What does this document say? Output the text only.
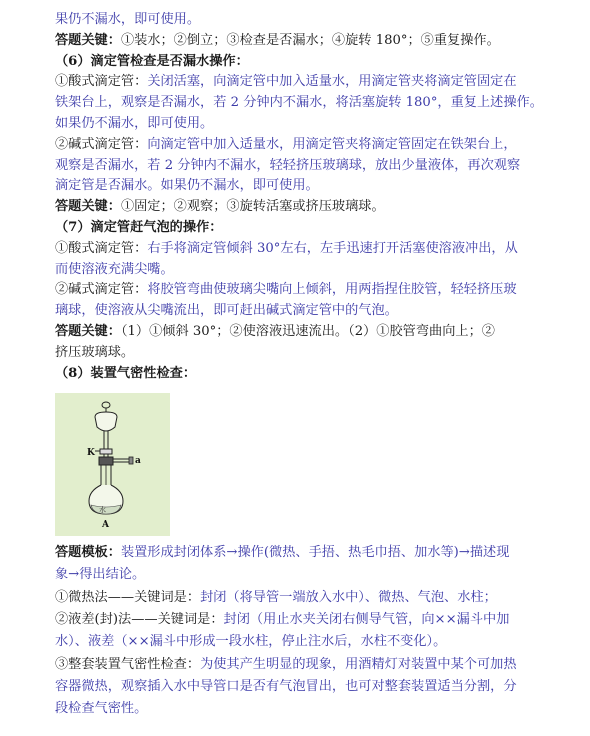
果仍不漏水，即可使用。
答题关键：①装水；②倒立；③检查是否漏水；④旋转 180°；⑤重复操作。
（6）滴定管检查是否漏水操作：
①酸式滴定管：关闭活塞，向滴定管中加入适量水，用滴定管夹将滴定管固定在
铁架台上，观察是否漏水，若 2 分钟内不漏水，将活塞旋转 180°，重复上述操作。
如果仍不漏水，即可使用。
②碱式滴定管：向滴定管中加入适量水，用滴定管夹将滴定管固定在铁架台上，
观察是否漏水，若 2 分钟内不漏水，轻轻挤压玻璃球，放出少量液体，再次观察
滴定管是否漏水。如果仍不漏水，即可使用。
答题关键：①固定；②观察；③旋转活塞或挤压玻璃球。
（7）滴定管赶气泡的操作：
①酸式滴定管：右手将滴定管倾斜 30°左右，左手迅速打开活塞使溶液冲出，从
而使溶液充满尖嘴。
②碱式滴定管：将胶管弯曲使玻璃尖嘴向上倾斜，用两指捏住胶管，轻轻挤压玻
璃球，使溶液从尖嘴流出，即可赶出碱式滴定管中的气泡。
答题关键：（1）①倾斜 30°；②使溶液迅速流出。（2）①胶管弯曲向上；②
挤压玻璃球。
（8）装置气密性检查：
K
a
水
A
答题模板：装置形成封闭体系→操作(微热、手捂、热毛巾捂、加水等)→描述现
象→得出结论。
①微热法——关键词是：封闭（将导管一端放入水中）、微热、气泡、水柱；
②液差(封)法——关键词是：封闭（用止水夹关闭右侧导气管，向××漏斗中加
水）、液差（××漏斗中形成一段水柱，停止注水后，水柱不变化）。
③整套装置气密性检查：为使其产生明显的现象，用酒精灯对装置中某个可加热
容器微热，观察插入水中导管口是否有气泡冒出，也可对整套装置适当分割，分
段检查气密性。
